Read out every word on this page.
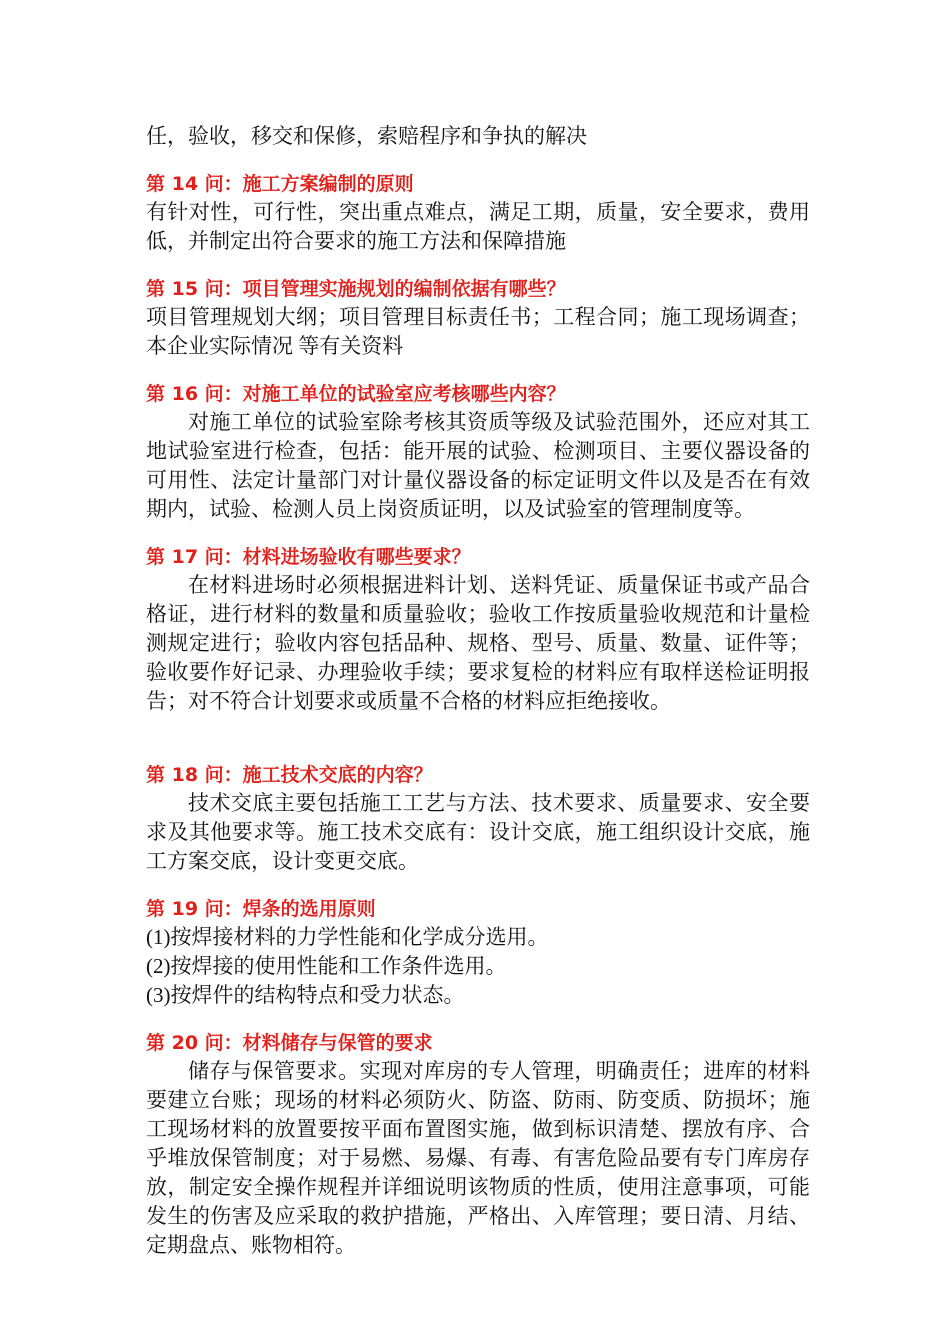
任，验收，移交和保修，索赔程序和争执的解决
第 14 问：施工方案编制的原则
有针对性，可行性，突出重点难点，满足工期，质量，安全要求，费用低，并制定出符合要求的施工方法和保障措施
第 15 问：项目管理实施规划的编制依据有哪些？
项目管理规划大纲；项目管理目标责任书；工程合同；施工现场调查；本企业实际情况 等有关资料
第 16 问：对施工单位的试验室应考核哪些内容？
对施工单位的试验室除考核其资质等级及试验范围外，还应对其工地试验室进行检查，包括：能开展的试验、检测项目、主要仪器设备的可用性、法定计量部门对计量仪器设备的标定证明文件以及是否在有效期内，试验、检测人员上岗资质证明，以及试验室的管理制度等。
第 17 问：材料进场验收有哪些要求？
在材料进场时必须根据进料计划、送料凭证、质量保证书或产品合格证，进行材料的数量和质量验收；验收工作按质量验收规范和计量检测规定进行；验收内容包括品种、规格、型号、质量、数量、证件等；验收要作好记录、办理验收手续；要求复检的材料应有取样送检证明报告；对不符合计划要求或质量不合格的材料应拒绝接收。
第 18 问：施工技术交底的内容？
技术交底主要包括施工工艺与方法、技术要求、质量要求、安全要求及其他要求等。施工技术交底有：设计交底，施工组织设计交底，施工方案交底，设计变更交底。
第 19 问：焊条的选用原则
(1)按焊接材料的力学性能和化学成分选用。
(2)按焊接的使用性能和工作条件选用。
(3)按焊件的结构特点和受力状态。
第 20 问：材料储存与保管的要求
储存与保管要求。实现对库房的专人管理，明确责任；进库的材料要建立台账；现场的材料必须防火、防盗、防雨、防变质、防损坏；施工现场材料的放置要按平面布置图实施，做到标识清楚、摆放有序、合乎堆放保管制度；对于易燃、易爆、有毒、有害危险品要有专门库房存放，制定安全操作规程并详细说明该物质的性质，使用注意事项，可能发生的伤害及应采取的救护措施，严格出、入库管理；要日清、月结、定期盘点、账物相符。
